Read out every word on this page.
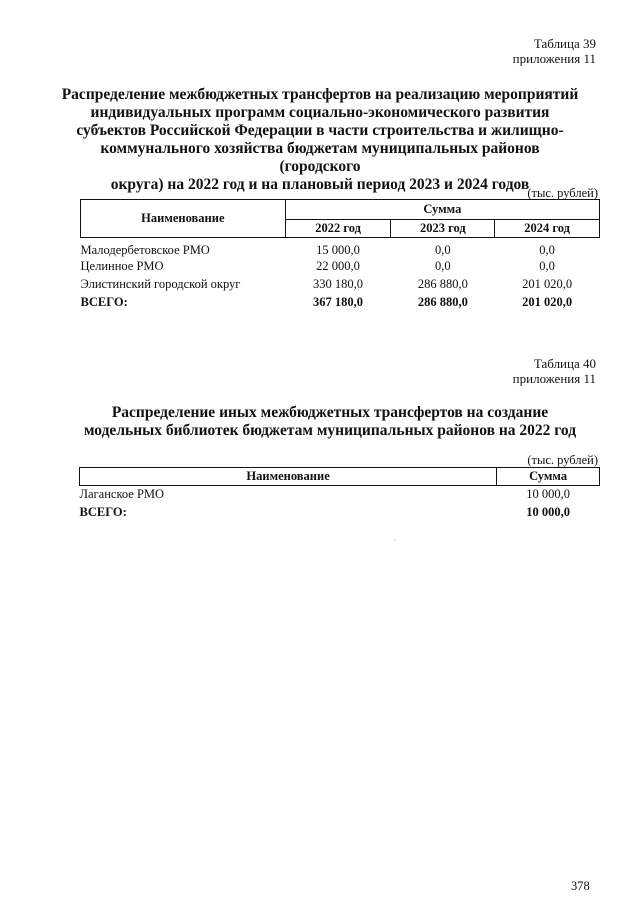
Таблица 39
приложения 11
Распределение межбюджетных трансфертов на реализацию мероприятий
индивидуальных программ социально-экономического развития
субъектов Российской Федерации в части строительства и жилищно-
коммунального хозяйства бюджетам муниципальных районов (городского
округа) на 2022 год и на плановый период 2023 и 2024 годов
(тыс. рублей)
Наименование	Сумма		
	2022 год	2023 год	2024 год
Малодербетовское РМО	15 000,0	0,0	0,0
Целинное РМО	22 000,0	0,0	0,0
Элистинский городской округ	330 180,0	286 880,0	201 020,0
ВСЕГО:	367 180,0	286 880,0	201 020,0
Таблица 40
приложения 11
Распределение иных межбюджетных трансфертов на создание
модельных библиотек бюджетам муниципальных районов на 2022 год
(тыс. рублей)
Наименование	Сумма
Лаганское РМО	10 000,0
ВСЕГО:	10 000,0
378
